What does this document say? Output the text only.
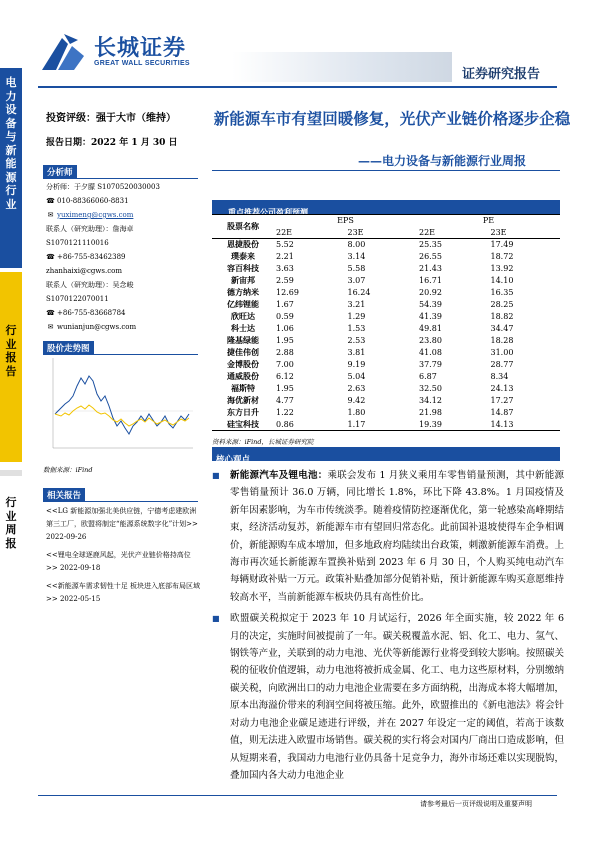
长城证券
GREAT WALL SECURITIES
证券研究报告
电
力
设
备
与
新
能
源
行
业
行
业
报
告
行
业
周
报
投资评级：强于大市（维持）
报告日期：2022 年 1 月 30 日
分析师
分析师：于夕朦 S1070520030003
☎ 010-88366060-8831
✉ yuximeng@cgws.com
联系人（研究助理）：詹海卓
S1070121110016
☎ +86-755-83462389
zhanhaixi@cgws.com
联系人（研究助理）：吴念峻
S1070122070011
☎ +86-755-83668784
✉ wunianjun@cgws.com
股价走势图
数据来源：iFind
相关报告
<<LG 新能源加强北美供应链，宁德考虑建欧洲第三工厂，欧盟将制定“能源系统数字化”计划>> 2022-09-26
<<锂电全球逐鹿风起，光伏产业链价格持高位>> 2022-09-18
<<新能源车需求韧性十足 板块进入底部布局区域>> 2022-05-15
新能源车市有望回暖修复，光伏产业链价格逐步企稳
——电力设备与新能源行业周报
重点推荐公司盈利预测
股票名称	EPS		PE	
	22E	23E	22E	23E
恩捷股份	5.52	8.00	25.35	17.49
璞泰来	2.21	3.14	26.55	18.72
容百科技	3.63	5.58	21.43	13.92
新宙邦	2.59	3.07	16.71	14.10
德方纳米	12.69	16.24	20.92	16.35
亿纬锂能	1.67	3.21	54.39	28.25
欣旺达	0.59	1.29	41.39	18.82
科士达	1.06	1.53	49.81	34.47
隆基绿能	1.95	2.53	23.80	18.28
捷佳伟创	2.88	3.81	41.08	31.00
金博股份	7.00	9.19	37.79	28.77
通威股份	6.12	5.04	6.87	8.34
福斯特	1.95	2.63	32.50	24.13
海优新材	4.77	9.42	34.12	17.27
东方日升	1.22	1.80	21.98	14.87
硅宝科技	0.86	1.17	19.39	14.13
资料来源：iFind，长城证券研究院
核心观点
■	新能源汽车及锂电池：乘联会发布 1 月狭义乘用车零售销量预测，其中新能源零售销量预计 36.0 万辆，同比增长 1.8%，环比下降 43.8%。1 月国疫情及新年因素影响，为车市传统淡季。随着疫情防控逐渐优化，第一轮感染高峰期结束，经济活动复苏，新能源车市有望回归常态化。此前国补退坡使得车企争相调价，新能源购车成本增加，但多地政府均陆续出台政策，刺激新能源车消费。上海市再次延长新能源车置换补贴到 2023 年 6 月 30 日，个人购买纯电动汽车每辆财政补贴一万元。政策补贴叠加部分促销补贴，预计新能源车购买意愿维持较高水平，当前新能源车板块仍具有高性价比。
■	欧盟碳关税拟定于 2023 年 10 月试运行，2026 年全面实施，较 2022 年 6 月的决定，实施时间被提前了一年。碳关税覆盖水泥、铝、化工、电力、氢气、钢铁等产业，关联到的动力电池、光伏等新能源行业将受到较大影响。按照碳关税的征收价值逻辑，动力电池将被折成金属、化工、电力这些原材料，分别缴纳碳关税，向欧洲出口的动力电池企业需要在多方面纳税，出海成本将大幅增加，原本出海溢价带来的利润空间将被压缩。此外，欧盟推出的《新电池法》将会针对动力电池企业碳足迹进行评级，并在 2027 年设定一定的阈值，若高于该数值，则无法进入欧盟市场销售。碳关税的实行将会对国内厂商出口造成影响，但从短期来看，我国动力电池行业仍具备十足竞争力，海外市场还难以实现脱钩，叠加国内各大动力电池企业
请参考最后一页评级说明及重要声明
